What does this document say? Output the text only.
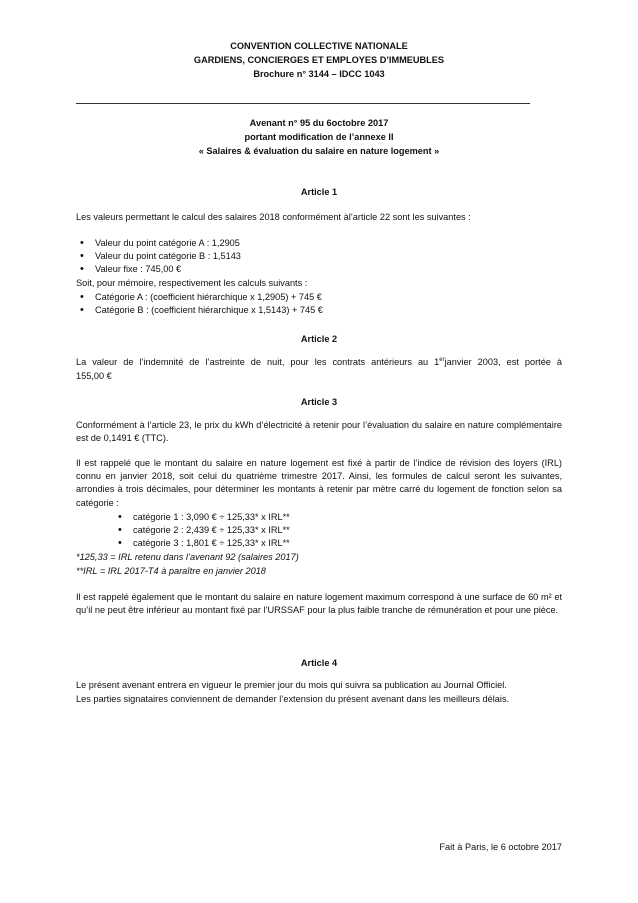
CONVENTION COLLECTIVE NATIONALE
GARDIENS, CONCIERGES ET EMPLOYES D’IMMEUBLES
Brochure n° 3144 – IDCC 1043
Avenant n° 95 du 6octobre 2017
portant modification de l’annexe II
« Salaires & évaluation du salaire en nature logement »
Article 1
Les valeurs permettant le calcul des salaires 2018 conformément àl’article 22 sont les suivantes :
• Valeur du point catégorie A : 1,2905
• Valeur du point catégorie B : 1,5143
• Valeur fixe : 745,00 €
Soit, pour mémoire, respectivement les calculs suivants :
• Catégorie A : (coefficient hiérarchique x 1,2905) + 745 €
• Catégorie B : (coefficient hiérarchique x 1,5143) + 745 €
Article 2
La valeur de l’indemnité de l’astreinte de nuit, pour les contrats antérieurs au 1erjanvier 2003, est portée à
155,00 €
Article 3
Conformément à l’article 23, le prix du kWh d’électricité à retenir pour l’évaluation du salaire en nature complémentaire est de 0,1491 € (TTC).
Il est rappelé que le montant du salaire en nature logement est fixé à partir de l’indice de révision des loyers (IRL) connu en janvier 2018, soit celui du quatrième trimestre 2017. Ainsi, les formules de calcul seront les suivantes, arrondies à trois décimales, pour déterminer les montants à retenir par mètre carré du logement de fonction selon sa catégorie :
• catégorie 1 : 3,090 € ÷ 125,33* x IRL**
• catégorie 2 : 2,439 € ÷ 125,33* x IRL**
• catégorie 3 : 1,801 € ÷ 125,33* x IRL**
*125,33 = IRL retenu dans l’avenant 92 (salaires 2017)
**IRL = IRL 2017-T4 à paraître en janvier 2018
Il est rappelé également que le montant du salaire en nature logement maximum correspond à une surface de 60 m² et qu’il ne peut être inférieur au montant fixé par l’URSSAF pour la plus faible tranche de rémunération et pour une pièce.
Article 4
Le présent avenant entrera en vigueur le premier jour du mois qui suivra sa publication au Journal Officiel.
Les parties signataires conviennent de demander l’extension du présent avenant dans les meilleurs délais.
Fait à Paris, le 6 octobre 2017
